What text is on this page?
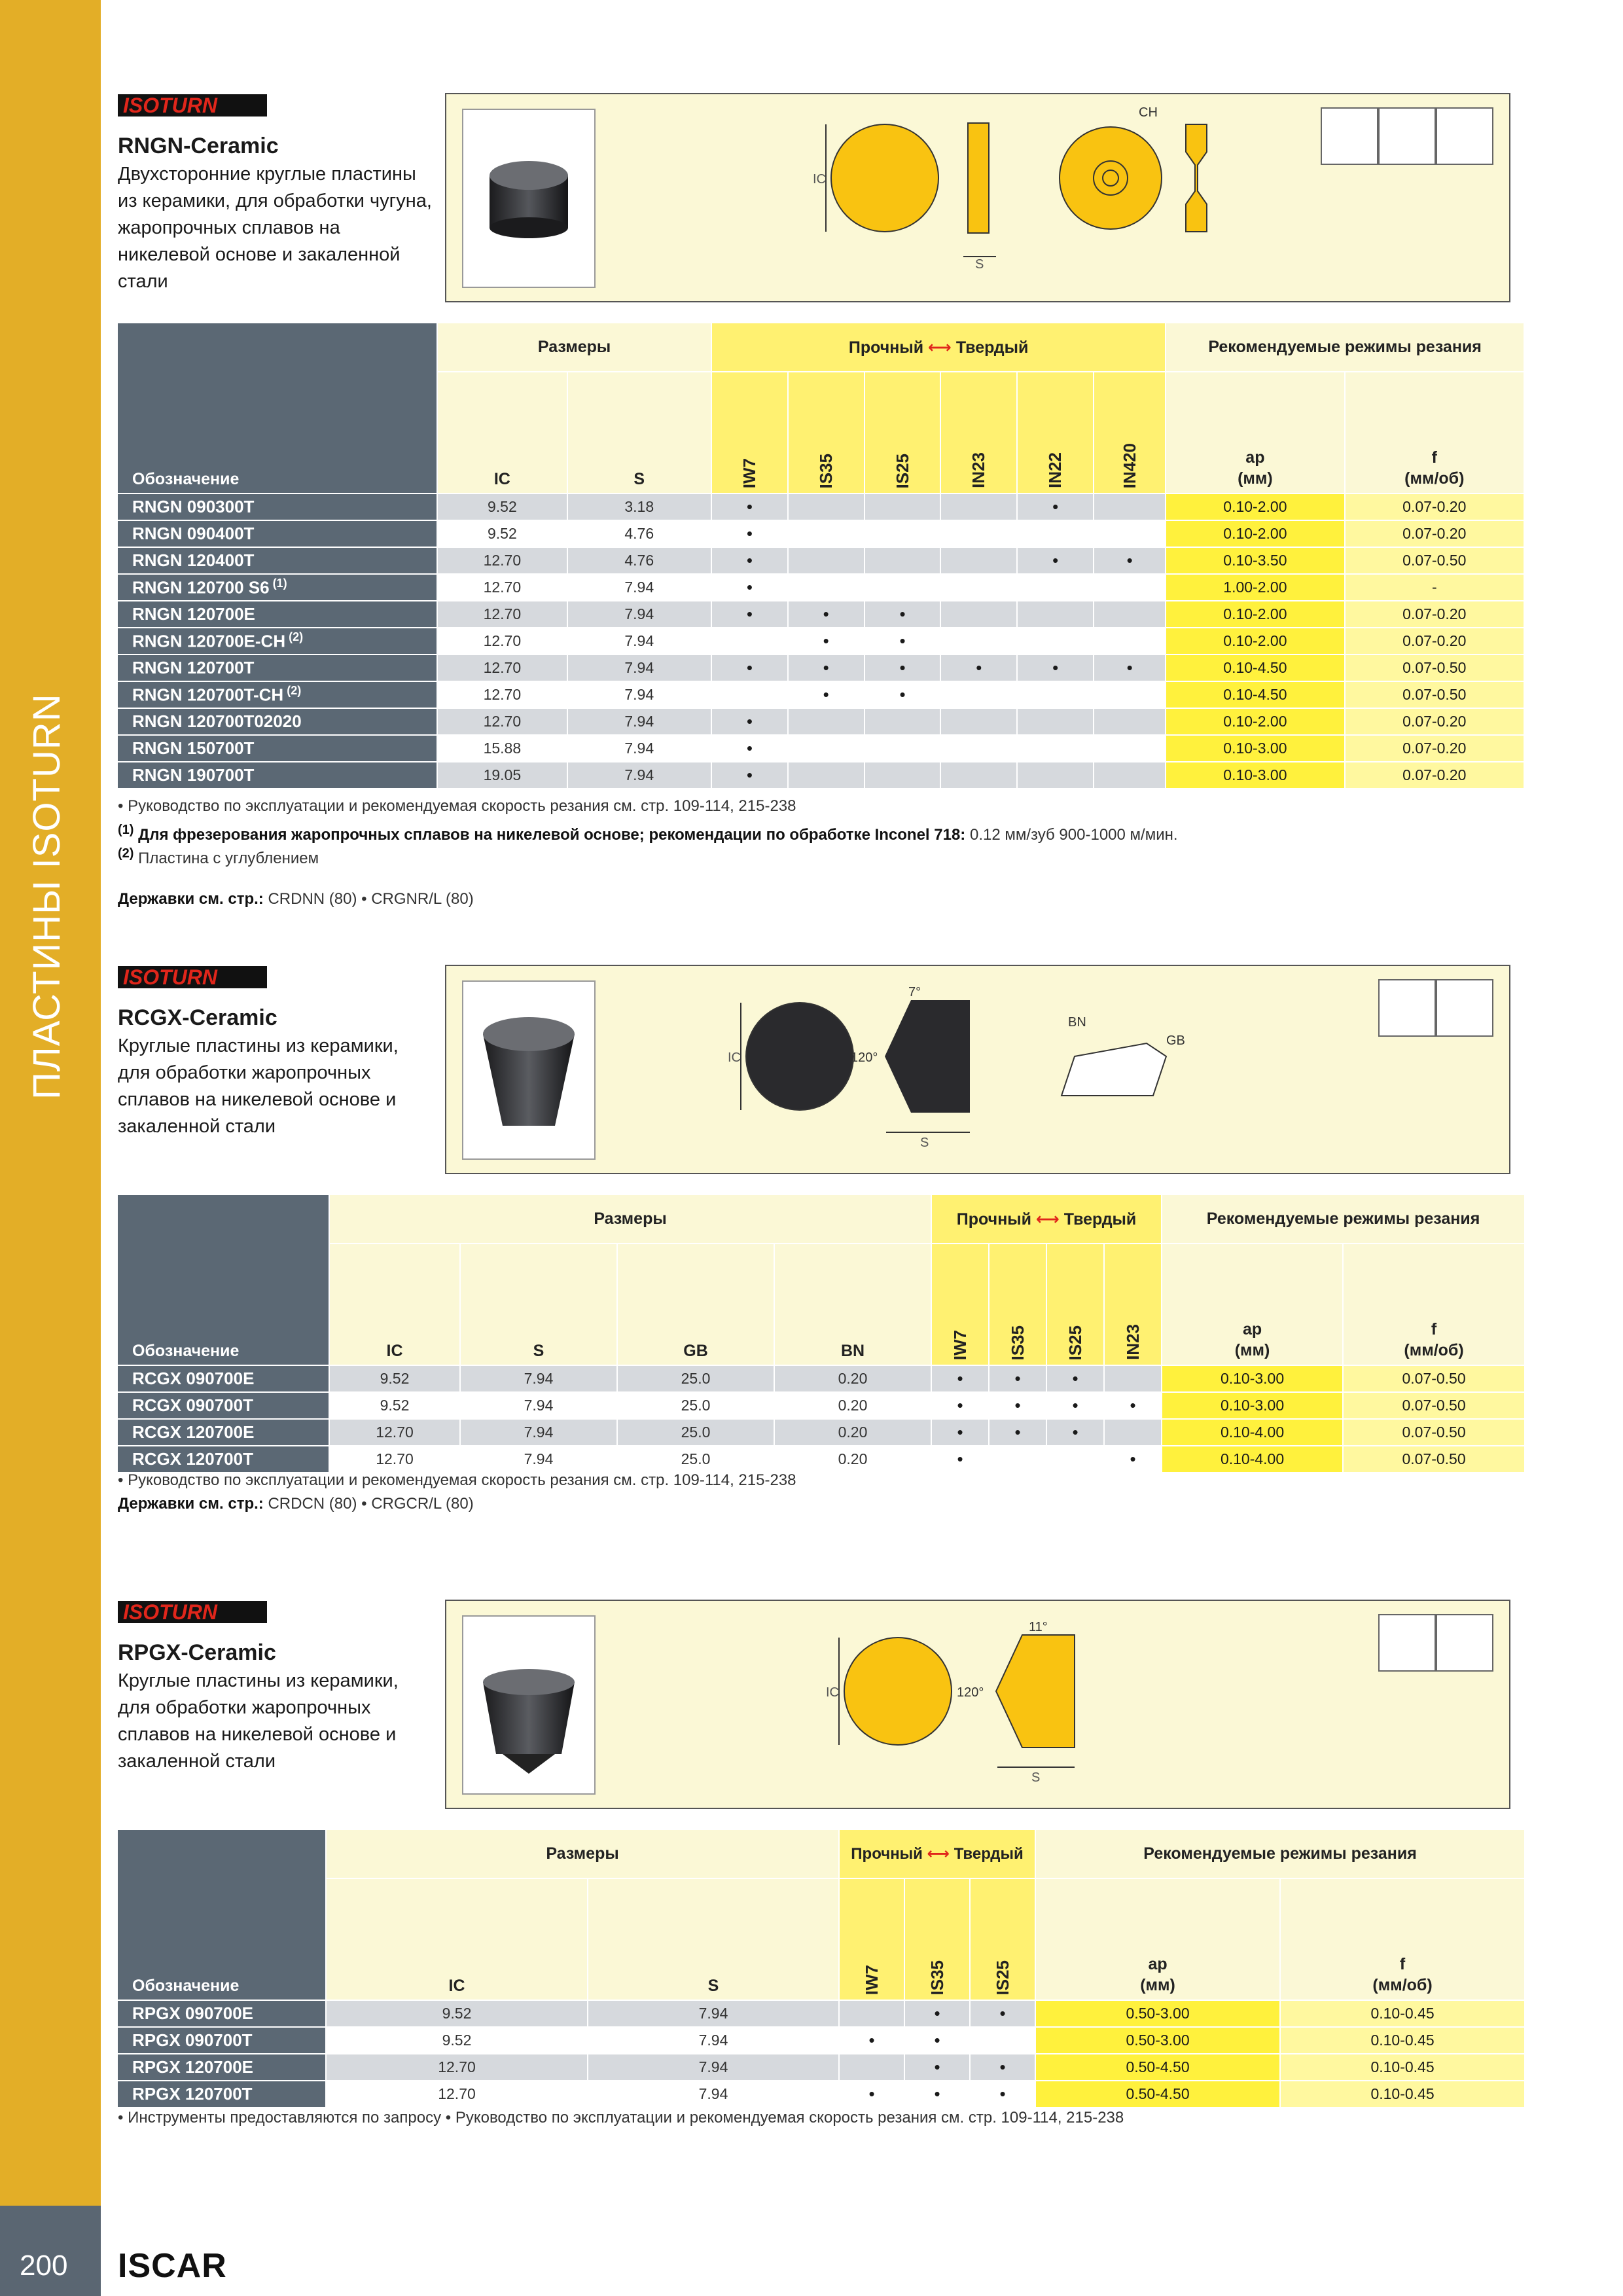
ПЛАСТИНЫ ISOTURN
200 ISCAR
ISOTURN
RNGN-Ceramic
Двухсторонние круглые пластины из керамики, для обработки чугуна, жаропрочных сплавов на никелевой основе и закаленной стали
IC
S
CH
Обозначение	Размеры		Прочный ⟷ Твердый						Рекомендуемые режимы резания	
	IC	S	IW7	IS35	IS25	IN23	IN22	IN420	ap
(мм)	f
(мм/об)
RNGN 090300T	9.52	3.18	•				•		0.10-2.00	0.07-0.20
RNGN 090400T	9.52	4.76	•						0.10-2.00	0.07-0.20
RNGN 120400T	12.70	4.76	•				•	•	0.10-3.50	0.07-0.50
RNGN 120700 S6 $^{(1)}$	12.70	7.94	•						1.00-2.00	-
RNGN 120700E	12.70	7.94	•	•	•				0.10-2.00	0.07-0.20
RNGN 120700E-CH $^{(2)}$	12.70	7.94		•	•				0.10-2.00	0.07-0.20
RNGN 120700T	12.70	7.94	•	•	•	•	•	•	0.10-4.50	0.07-0.50
RNGN 120700T-CH $^{(2)}$	12.70	7.94		•	•				0.10-4.50	0.07-0.50
RNGN 120700T02020	12.70	7.94	•						0.10-2.00	0.07-0.20
RNGN 150700T	15.88	7.94	•						0.10-3.00	0.07-0.20
RNGN 190700T	19.05	7.94	•						0.10-3.00	0.07-0.20
• Руководство по эксплуатации и рекомендуемая скорость резания см. стр. 109-114, 215-238
$^{(1)}$ Для фрезерования жаропрочных сплавов на никелевой основе; рекомендации по обработке Inconel 718: 0.12 мм/зуб 900-1000 м/мин.
$^{(2)}$ Пластина с углублением
Державки см. стр.: CRDNN (80) • CRGNR/L (80)
ISOTURN
RCGX-Ceramic
Круглые пластины из керамики, для обработки жаропрочных сплавов на никелевой основе и закаленной стали
IC
7°
120°
S
BN
GB
Обозначение	Размеры				Прочный ⟷ Твердый				Рекомендуемые режимы резания	
	IC	S	GB	BN	IW7	IS35	IS25	IN23	ap
(мм)	f
(мм/об)
RCGX 090700E	9.52	7.94	25.0	0.20	•	•	•		0.10-3.00	0.07-0.50
RCGX 090700T	9.52	7.94	25.0	0.20	•	•	•	•	0.10-3.00	0.07-0.50
RCGX 120700E	12.70	7.94	25.0	0.20	•	•	•		0.10-4.00	0.07-0.50
RCGX 120700T	12.70	7.94	25.0	0.20	•			•	0.10-4.00	0.07-0.50
• Руководство по эксплуатации и рекомендуемая скорость резания см. стр. 109-114, 215-238
Державки см. стр.: CRDCN (80) • CRGCR/L (80)
ISOTURN
RPGX-Ceramic
Круглые пластины из керамики, для обработки жаропрочных сплавов на никелевой основе и закаленной стали
IC
11°
120°
S
Обозначение	Размеры		Прочный ⟷ Твердый			Рекомендуемые режимы резания	
	IC	S	IW7	IS35	IS25	ap
(мм)	f
(мм/об)
RPGX 090700E	9.52	7.94		•	•	0.50-3.00	0.10-0.45
RPGX 090700T	9.52	7.94	•	•		0.50-3.00	0.10-0.45
RPGX 120700E	12.70	7.94		•	•	0.50-4.50	0.10-0.45
RPGX 120700T	12.70	7.94	•	•	•	0.50-4.50	0.10-0.45
• Инструменты предоставляются по запросу • Руководство по эксплуатации и рекомендуемая скорость резания см. стр. 109-114, 215-238
